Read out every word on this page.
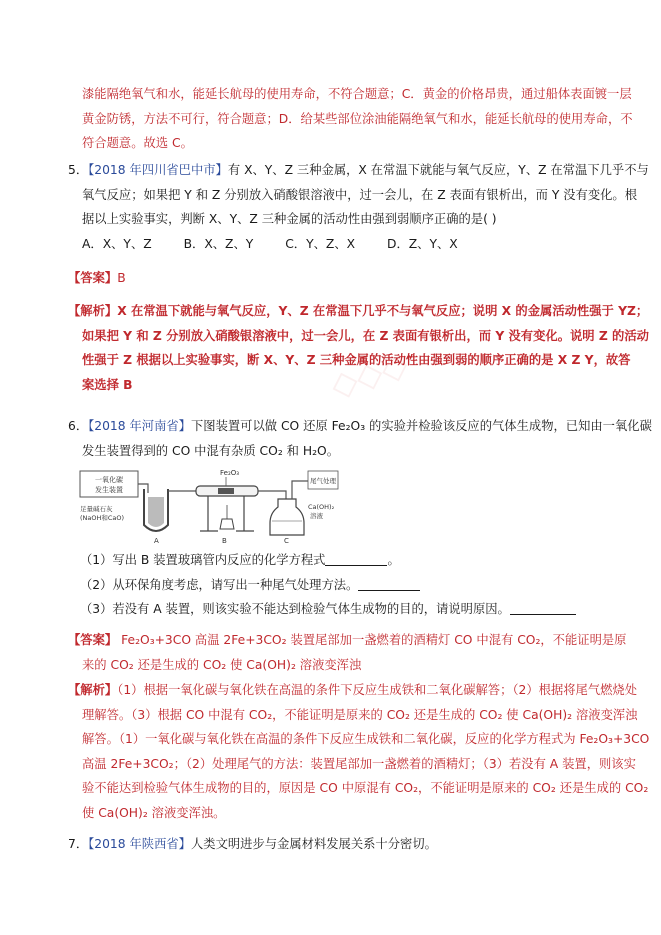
◇◇◇
漆能隔绝氧气和水，能延长航母的使用寿命，不符合题意；C．黄金的价格昂贵，通过船体表面镀一层
黄金防锈，方法不可行，符合题意；D．给某些部位涂油能隔绝氧气和水，能延长航母的使用寿命，不
符合题意。故选 C。
5．【2018 年四川省巴中市】有 X、Y、Z 三种金属，X 在常温下就能与氧气反应，Y、Z 在常温下几乎不与
氧气反应；如果把 Y 和 Z 分别放入硝酸银溶液中，过一会儿，在 Z 表面有银析出，而 Y 没有变化。根
据以上实验事实，判断 X、Y、Z 三种金属的活动性由强到弱顺序正确的是( )
A．X、Y、Z	B．X、Z、Y	C．Y、Z、X	D．Z、Y、X
【答案】B
【解析】X 在常温下就能与氧气反应，Y、Z 在常温下几乎不与氧气反应；说明 X 的金属活动性强于 YZ；
如果把 Y 和 Z 分别放入硝酸银溶液中，过一会儿，在 Z 表面有银析出，而 Y 没有变化。说明 Z 的活动
性强于 Z 根据以上实验事实，断 X、Y、Z 三种金属的活动性由强到弱的顺序正确的是 X Z Y，故答
案选择 B
6．【2018 年河南省】下图装置可以做 CO 还原 Fe₂O₃ 的实验并检验该反应的气体生成物，已知由一氧化碳
发生装置得到的 CO 中混有杂质 CO₂ 和 H₂O。
一氧化碳
发生装置
足量碱石灰
(NaOH和CaO)
A
Fe₂O₃
B
尾气处理
Ca(OH)₂
溶液
C
（1）写出 B 装置玻璃管内反应的化学方程式	。
（2）从环保角度考虑，请写出一种尾气处理方法。
（3）若没有 A 装置，则该实验不能达到检验气体生成物的目的，请说明原因。
【答案】 Fe₂O₃+3CO 高温 2Fe+3CO₂ 装置尾部加一盏燃着的酒精灯 CO 中混有 CO₂，不能证明是原
来的 CO₂ 还是生成的 CO₂ 使 Ca(OH)₂ 溶液变浑浊
【解析】（1）根据一氧化碳与氧化铁在高温的条件下反应生成铁和二氧化碳解答；（2）根据将尾气燃烧处
理解答。（3）根据 CO 中混有 CO₂，不能证明是原来的 CO₂ 还是生成的 CO₂ 使 Ca(OH)₂ 溶液变浑浊
解答。（1）一氧化碳与氧化铁在高温的条件下反应生成铁和二氧化碳，反应的化学方程式为 Fe₂O₃+3CO
高温 2Fe+3CO₂；（2）处理尾气的方法：装置尾部加一盏燃着的酒精灯；（3）若没有 A 装置，则该实
验不能达到检验气体生成物的目的，原因是 CO 中原混有 CO₂，不能证明是原来的 CO₂ 还是生成的 CO₂
使 Ca(OH)₂ 溶液变浑浊。
7．【2018 年陕西省】人类文明进步与金属材料发展关系十分密切。
